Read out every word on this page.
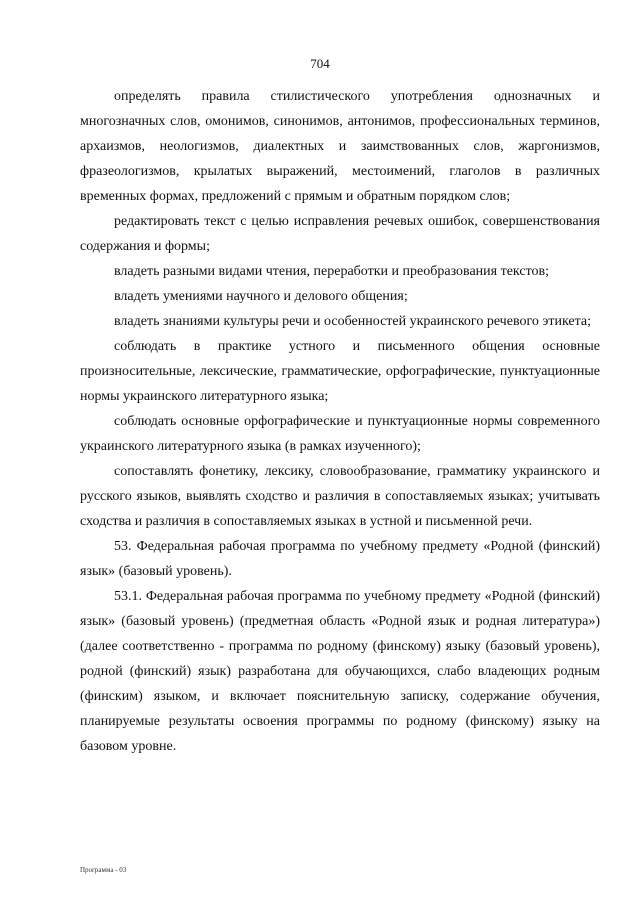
704

определять правила стилистического употребления однозначных и многозначных слов, омонимов, синонимов, антонимов, профессиональных терминов, архаизмов, неологизмов, диалектных и заимствованных слов, жаргонизмов, фразеологизмов, крылатых выражений, местоимений, глаголов в различных временных формах, предложений с прямым и обратным порядком слов;

редактировать текст с целью исправления речевых ошибок, совершенствования содержания и формы;

владеть разными видами чтения, переработки и преобразования текстов;

владеть умениями научного и делового общения;

владеть знаниями культуры речи и особенностей украинского речевого этикета;

соблюдать в практике устного и письменного общения основные произносительные, лексические, грамматические, орфографические, пунктуационные нормы украинского литературного языка;

соблюдать основные орфографические и пунктуационные нормы современного украинского литературного языка (в рамках изученного);

сопоставлять фонетику, лексику, словообразование, грамматику украинского и русского языков, выявлять сходство и различия в сопоставляемых языках; учитывать сходства и различия в сопоставляемых языках в устной и письменной речи.

53. Федеральная рабочая программа по учебному предмету «Родной (финский) язык» (базовый уровень).

53.1. Федеральная рабочая программа по учебному предмету «Родной (финский) язык» (базовый уровень) (предметная область «Родной язык и родная литература») (далее соответственно - программа по родному (финскому) языку (базовый уровень), родной (финский) язык) разработана для обучающихся, слабо владеющих родным (финским) языком, и включает пояснительную записку, содержание обучения, планируемые результаты освоения программы по родному (финскому) языку на базовом уровне.

Программа - 03
